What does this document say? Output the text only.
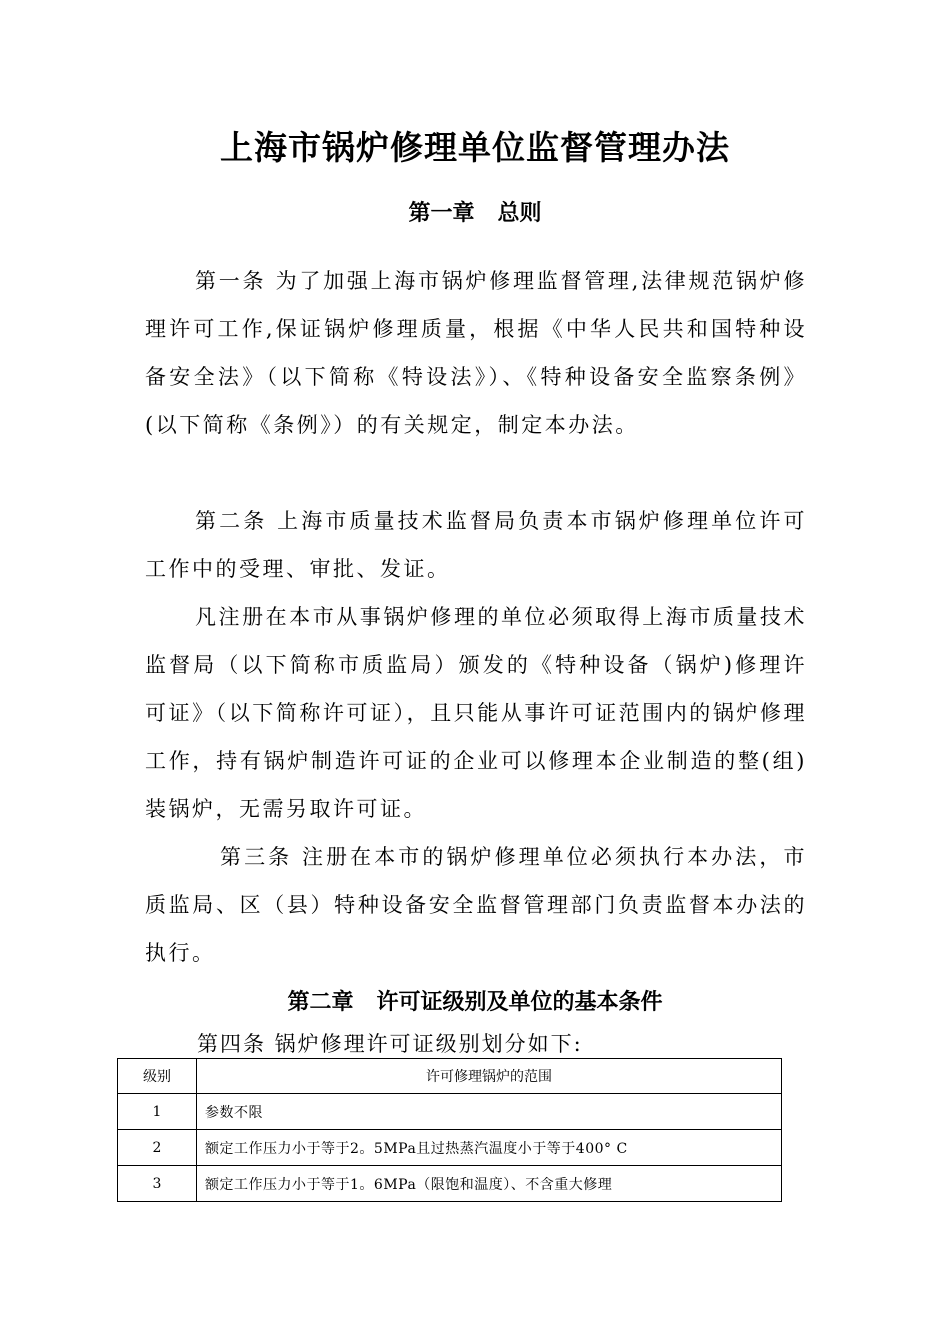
上海市锅炉修理单位监督管理办法
第一章   总则

第一条 为了加强上海市锅炉修理监督管理,法律规范锅炉修理许可工作,保证锅炉修理质量，根据《中华人民共和国特种设备安全法》（以下简称《特设法》）、《特种设备安全监察条例》(以下简称《条例》）的有关规定，制定本办法。

第二条 上海市质量技术监督局负责本市锅炉修理单位许可工作中的受理、审批、发证。

凡注册在本市从事锅炉修理的单位必须取得上海市质量技术监督局（以下简称市质监局）颁发的《特种设备（锅炉)修理许可证》（以下简称许可证），且只能从事许可证范围内的锅炉修理工作，持有锅炉制造许可证的企业可以修理本企业制造的整(组)装锅炉，无需另取许可证。

第三条 注册在本市的锅炉修理单位必须执行本办法，市质监局、区（县）特种设备安全监督管理部门负责监督本办法的执行。

第二章   许可证级别及单位的基本条件

第四条 锅炉修理许可证级别划分如下:

级别	许可修理锅炉的范围
1	参数不限
2	额定工作压力小于等于2。5MPa且过热蒸汽温度小于等于400° C
3	额定工作压力小于等于1。6MPa（限饱和温度）、不含重大修理
